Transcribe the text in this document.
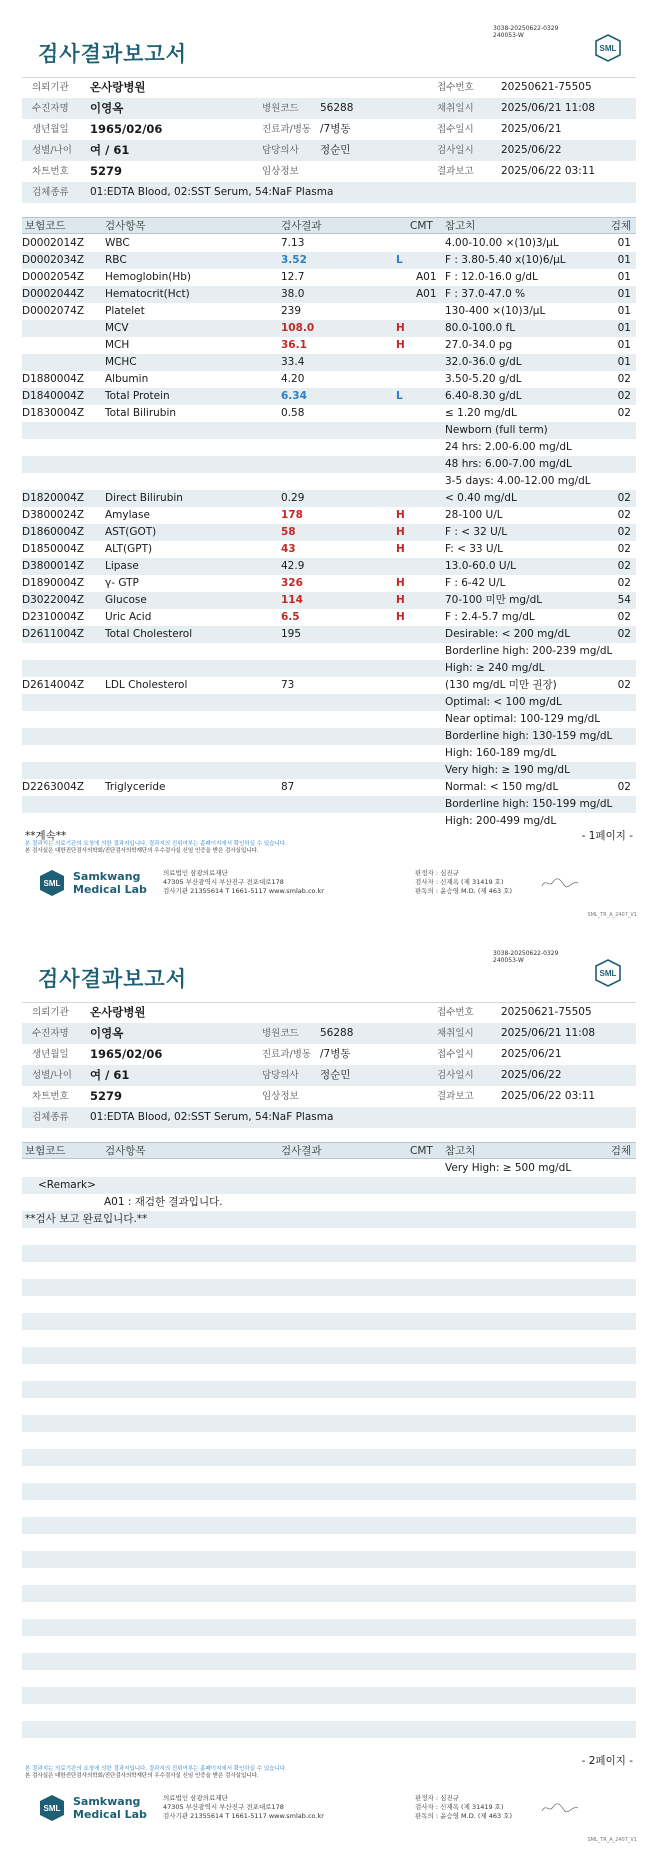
검사결과보고서
3038-20250622-0329
240053-W
SML
의뢰기관 온사랑병원	접수번호	20250621-75505
수진자명 이영옥	병원코드 56288	채취일시	2025/06/21 11:08
생년월일 1965/02/06	진료과/병동 /7병동	접수일시	2025/06/21
성별/나이 여 / 61	담당의사 정순민	검사일시	2025/06/22
차트번호 5279	임상정보	결과보고	2025/06/22 03:11
검체종류 01:EDTA Blood, 02:SST Serum, 54:NaF Plasma
보험코드	검사항목	검사결과	CMT 참고치	검체
D0002014Z WBC	7.13	4.00-10.00 ×(10)3/μL	01
D0002034Z RBC	3.52	L	F : 3.80-5.40 x(10)6/μL	01
D0002054Z Hemoglobin(Hb)	12.7	A01 F : 12.0-16.0 g/dL	01
D0002044Z Hematocrit(Hct)	38.0	A01 F : 37.0-47.0 %	01
D0002074Z Platelet	239	130-400 ×(10)3/μL	01
MCV	108.0	H	80.0-100.0 fL	01
MCH	36.1	H	27.0-34.0 pg	01
MCHC	33.4	32.0-36.0 g/dL	01
D1880004Z Albumin	4.20	3.50-5.20 g/dL	02
D1840004Z Total Protein	6.34	L	6.40-8.30 g/dL	02
D1830004Z Total Bilirubin	0.58	≤ 1.20 mg/dL	02
Newborn (full term)
24 hrs: 2.00-6.00 mg/dL
48 hrs: 6.00-7.00 mg/dL
3-5 days: 4.00-12.00 mg/dL
D1820004Z Direct Bilirubin	0.29	< 0.40 mg/dL	02
D3800024Z Amylase	178	H	28-100 U/L	02
D1860004Z AST(GOT)	58	H	F : < 32 U/L	02
D1850004Z ALT(GPT)	43	H	F: < 33 U/L	02
D3800014Z Lipase	42.9	13.0-60.0 U/L	02
D1890004Z γ- GTP	326	H	F : 6-42 U/L	02
D3022004Z Glucose	114	H	70-100 미만 mg/dL	54
D2310004Z Uric Acid	6.5	H	F : 2.4-5.7 mg/dL	02
D2611004Z Total Cholesterol	195	Desirable: < 200 mg/dL	02
Borderline high: 200-239 mg/dL
High: ≥ 240 mg/dL
D2614004Z LDL Cholesterol	73	(130 mg/dL 미만 권장)	02
Optimal: < 100 mg/dL
Near optimal: 100-129 mg/dL
Borderline high: 130-159 mg/dL
High: 160-189 mg/dL
Very high: ≥ 190 mg/dL
D2263004Z Triglyceride	87	Normal: < 150 mg/dL	02
Borderline high: 150-199 mg/dL
High: 200-499 mg/dL
**계속**	- 1페이지 -
본 결과지는 의료기관의 요청에 의한 결과지입니다. 결과지의 진위여부는 홈페이지에서 확인하실 수 있습니다.
본 검사실은 대한진단검사의학회/진단검사의학재단의 우수검사실 신임 인증을 받은 검사실입니다.
SML
Samkwang
Medical Lab
의료법인 삼광의료재단
47305 부산광역시 부산진구 전포대로178
검사기관 21355614 T 1661-5117 www.smlab.co.kr
판정자 : 심진규
검사자 : 신재옥 (제 31419 호)
판독의 : 윤승영 M.D. (제 463 호)
SML_TR_A_2407_V1
검사결과보고서
3038-20250622-0329
240053-W
SML
의뢰기관 온사랑병원	접수번호	20250621-75505
수진자명 이영옥	병원코드 56288	채취일시	2025/06/21 11:08
생년월일 1965/02/06	진료과/병동 /7병동	접수일시	2025/06/21
성별/나이 여 / 61	담당의사 정순민	검사일시	2025/06/22
차트번호 5279	임상정보	결과보고	2025/06/22 03:11
검체종류 01:EDTA Blood, 02:SST Serum, 54:NaF Plasma
보험코드	검사항목	검사결과	CMT 참고치	검체
Very High: ≥ 500 mg/dL
<Remark>
A01 : 재검한 결과입니다.
**검사 보고 완료입니다.**
- 2페이지 -
본 결과지는 의료기관의 요청에 의한 결과지입니다. 결과지의 진위여부는 홈페이지에서 확인하실 수 있습니다.
본 검사실은 대한진단검사의학회/진단검사의학재단의 우수검사실 신임 인증을 받은 검사실입니다.
SML
Samkwang
Medical Lab
의료법인 삼광의료재단
47305 부산광역시 부산진구 전포대로178
검사기관 21355614 T 1661-5117 www.smlab.co.kr
판정자 : 심진규
검사자 : 신재옥 (제 31419 호)
판독의 : 윤승영 M.D. (제 463 호)
SML_TR_A_2407_V1
